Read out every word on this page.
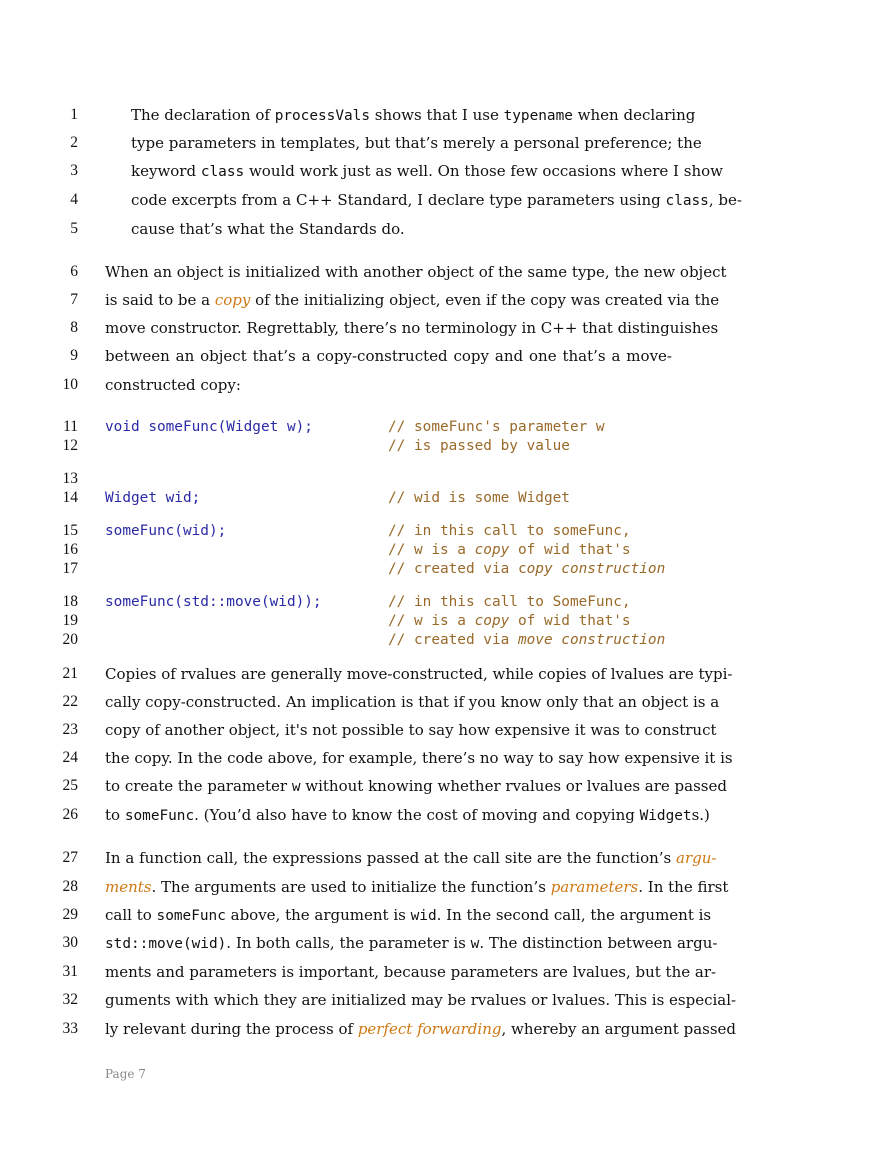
1	The declaration of processVals shows that I use typename when declaring
2	type parameters in templates, but that’s merely a personal preference; the
3	keyword class would work just as well. On those few occasions where I show
4	code excerpts from a C++ Standard, I declare type parameters using class, be-
5	cause that’s what the Standards do.
6 When an object is initialized with another object of the same type, the new object
7 is said to be a copy of the initializing object, even if the copy was created via the
8 move constructor. Regrettably, there’s no terminology in C++ that distinguishes
9 between an object that’s a copy-constructed copy and one that’s a move-
10 constructed copy:
21 Copies of rvalues are generally move-constructed, while copies of lvalues are typi-
22 cally copy-constructed. An implication is that if you know only that an object is a
23 copy of another object, it's not possible to say how expensive it was to construct
24 the copy. In the code above, for example, there’s no way to say how expensive it is
25 to create the parameter w without knowing whether rvalues or lvalues are passed
26 to someFunc. (You’d also have to know the cost of moving and copying Widgets.)
27 In a function call, the expressions passed at the call site are the function’s argu-
28 ments. The arguments are used to initialize the function’s parameters. In the first
29 call to someFunc above, the argument is wid. In the second call, the argument is
30 std::move(wid). In both calls, the parameter is w. The distinction between argu-
31 ments and parameters is important, because parameters are lvalues, but the ar-
32 guments with which they are initialized may be rvalues or lvalues. This is especial-
33 ly relevant during the process of perfect forwarding, whereby an argument passed
11 void someFunc(Widget w);	// someFunc's parameter w
12	// is passed by value
13
14 Widget wid;	// wid is some Widget
15 someFunc(wid);	// in this call to someFunc,
16	// w is a copy of wid that's
17	// created via copy construction
18 someFunc(std::move(wid));	// in this call to SomeFunc,
19	// w is a copy of wid that's
20	// created via move construction
Page 7
